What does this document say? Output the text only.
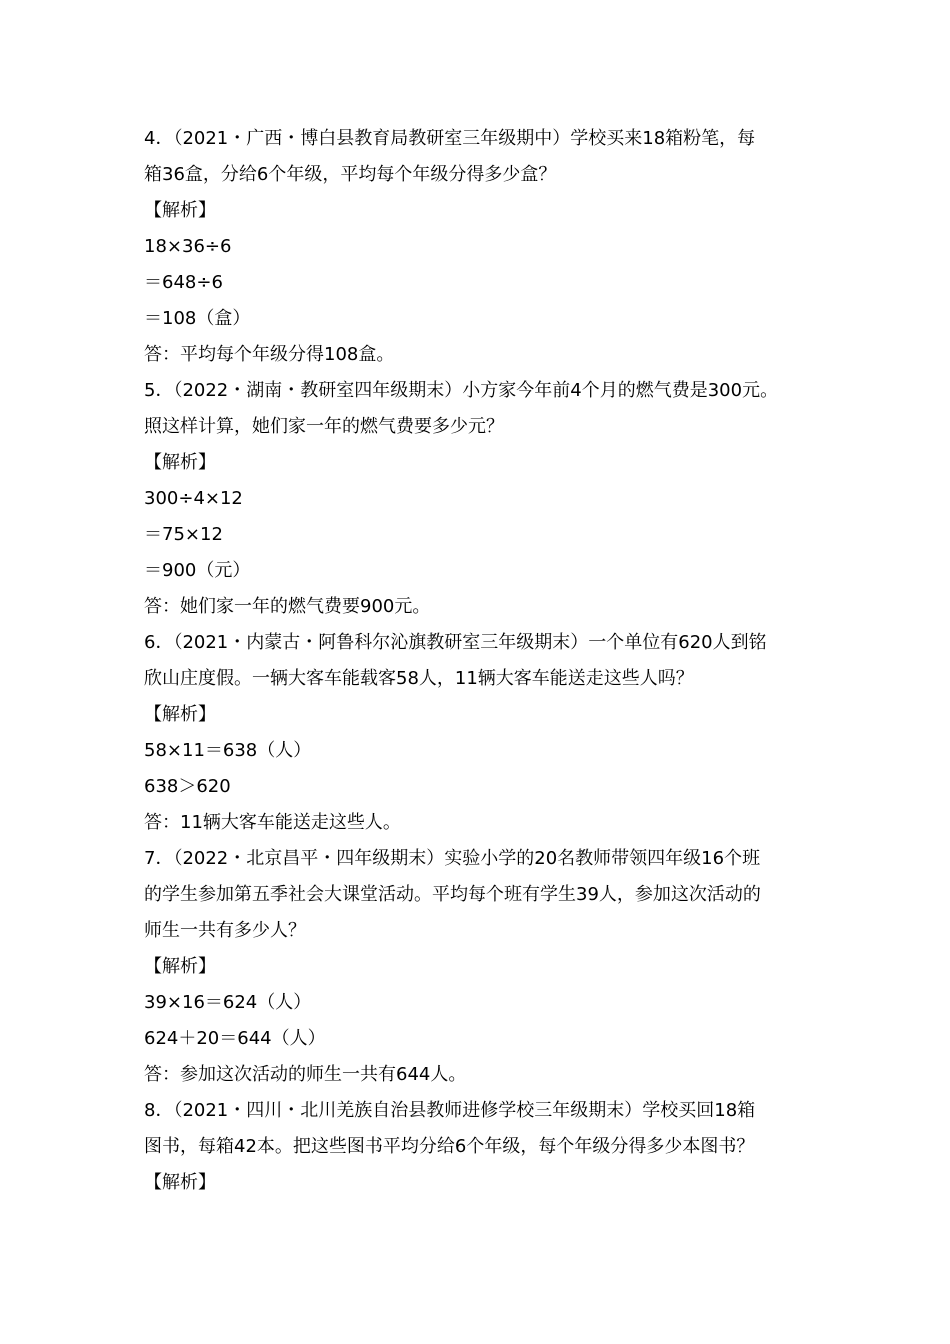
4．（2021・广西・博白县教育局教研室三年级期中）学校买来18箱粉笔，每
箱36盒，分给6个年级，平均每个年级分得多少盒？
【解析】
18×36÷6
＝648÷6
＝108（盒）
答：平均每个年级分得108盒。
5．（2022・湖南・教研室四年级期末）小方家今年前4个月的燃气费是300元。
照这样计算，她们家一年的燃气费要多少元？
【解析】
300÷4×12
＝75×12
＝900（元）
答：她们家一年的燃气费要900元。
6．（2021・内蒙古・阿鲁科尔沁旗教研室三年级期末）一个单位有620人到铭
欣山庄度假。一辆大客车能载客58人，11辆大客车能送走这些人吗？
【解析】
58×11＝638（人）
638＞620
答：11辆大客车能送走这些人。
7．（2022・北京昌平・四年级期末）实验小学的20名教师带领四年级16个班
的学生参加第五季社会大课堂活动。平均每个班有学生39人，参加这次活动的
师生一共有多少人？
【解析】
39×16＝624（人）
624＋20＝644（人）
答：参加这次活动的师生一共有644人。
8．（2021・四川・北川羌族自治县教师进修学校三年级期末）学校买回18箱
图书，每箱42本。把这些图书平均分给6个年级，每个年级分得多少本图书？
【解析】
